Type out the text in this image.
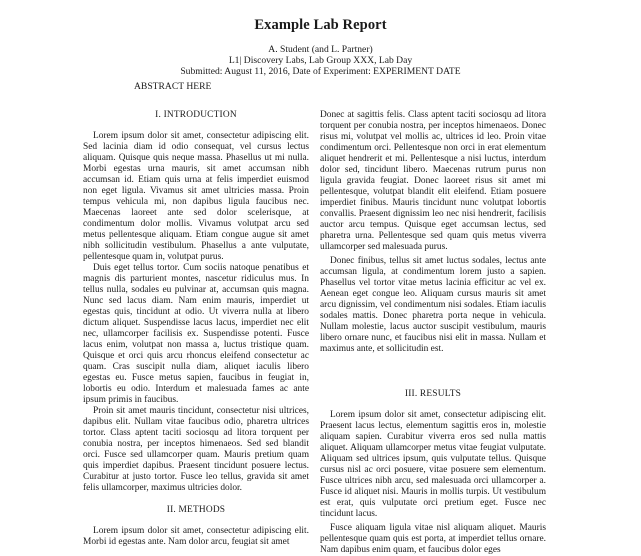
Example Lab Report
A. Student (and L. Partner)
L1| Discovery Labs, Lab Group XXX, Lab Day
Submitted: August 11, 2016, Date of Experiment: EXPERIMENT DATE
ABSTRACT HERE

I. INTRODUCTION

Lorem ipsum dolor sit amet, consectetur adipiscing elit. Sed lacinia diam id odio consequat, vel cursus lectus aliquam. Quisque quis neque massa. Phasellus ut mi nulla. Morbi egestas urna mauris, sit amet accumsan nibh accumsan id. Etiam quis urna at felis imperdiet euismod non eget ligula. Vivamus sit amet ultricies massa. Proin tempus vehicula mi, non dapibus ligula faucibus nec. Maecenas laoreet ante sed dolor scelerisque, at condimentum dolor mollis. Vivamus volutpat arcu sed metus pellentesque aliquam. Etiam congue augue sit amet nibh sollicitudin vestibulum. Phasellus a ante vulputate, pellentesque quam in, volutpat purus.

Duis eget tellus tortor. Cum sociis natoque penatibus et magnis dis parturient montes, nascetur ridiculus mus. In tellus nulla, sodales eu pulvinar at, accumsan quis magna. Nunc sed lacus diam. Nam enim mauris, imperdiet ut egestas quis, tincidunt at odio. Ut viverra nulla at libero dictum aliquet. Suspendisse lacus lacus, imperdiet nec elit nec, ullamcorper facilisis ex. Suspendisse potenti. Fusce lacus enim, volutpat non massa a, luctus tristique quam. Quisque et orci quis arcu rhoncus eleifend consectetur ac quam. Cras suscipit nulla diam, aliquet iaculis libero egestas eu. Fusce metus sapien, faucibus in feugiat in, lobortis eu odio. Interdum et malesuada fames ac ante ipsum primis in faucibus.

Proin sit amet mauris tincidunt, consectetur nisi ultrices, dapibus elit. Nullam vitae faucibus odio, pharetra ultrices tortor. Class aptent taciti sociosqu ad litora torquent per conubia nostra, per inceptos himenaeos. Sed sed blandit orci. Fusce sed ullamcorper quam. Mauris pretium quam quis imperdiet dapibus. Praesent tincidunt posuere lectus. Curabitur at justo tortor. Fusce leo tellus, gravida sit amet felis ullamcorper, maximus ultricies dolor.

II. METHODS

Lorem ipsum dolor sit amet, consectetur adipiscing elit. Morbi id egestas ante. Nam dolor arcu, feugiat sit amet

Donec at sagittis felis. Class aptent taciti sociosqu ad litora torquent per conubia nostra, per inceptos himenaeos. Donec risus mi, volutpat vel mollis ac, ultrices id leo. Proin vitae condimentum orci. Pellentesque non orci in erat elementum aliquet hendrerit et mi. Pellentesque a nisi luctus, interdum dolor sed, tincidunt libero. Maecenas rutrum purus non ligula gravida feugiat. Donec laoreet risus sit amet mi pellentesque, volutpat blandit elit eleifend. Etiam posuere imperdiet finibus. Mauris tincidunt nunc volutpat lobortis convallis. Praesent dignissim leo nec nisi hendrerit, facilisis auctor arcu tempus. Quisque eget accumsan lectus, sed pharetra urna. Pellentesque sed quam quis metus viverra ullamcorper sed malesuada purus.

Donec finibus, tellus sit amet luctus sodales, lectus ante accumsan ligula, at condimentum lorem justo a sapien. Phasellus vel tortor vitae metus lacinia efficitur ac vel ex. Aenean eget congue leo. Aliquam cursus mauris sit amet arcu dignissim, vel condimentum nisi sodales. Etiam iaculis sodales mattis. Donec pharetra porta neque in vehicula. Nullam molestie, lacus auctor suscipit vestibulum, mauris libero ornare nunc, et faucibus nisi elit in massa. Nullam et maximus ante, et sollicitudin est.

III. RESULTS

Lorem ipsum dolor sit amet, consectetur adipiscing elit. Praesent lacus lectus, elementum sagittis eros in, molestie aliquam sapien. Curabitur viverra eros sed nulla mattis aliquet. Aliquam ullamcorper metus vitae feugiat vulputate. Aliquam sed ultrices ipsum, quis vulputate tellus. Quisque cursus nisl ac orci posuere, vitae posuere sem elementum. Fusce ultrices nibh arcu, sed malesuada orci ullamcorper a. Fusce id aliquet nisi. Mauris in mollis turpis. Ut vestibulum est erat, quis vulputate orci pretium eget. Fusce nec tincidunt lacus.

Fusce aliquam ligula vitae nisl aliquam aliquet. Mauris pellentesque quam quis est porta, at imperdiet tellus ornare. Nam dapibus enim quam, et faucibus dolor eges
